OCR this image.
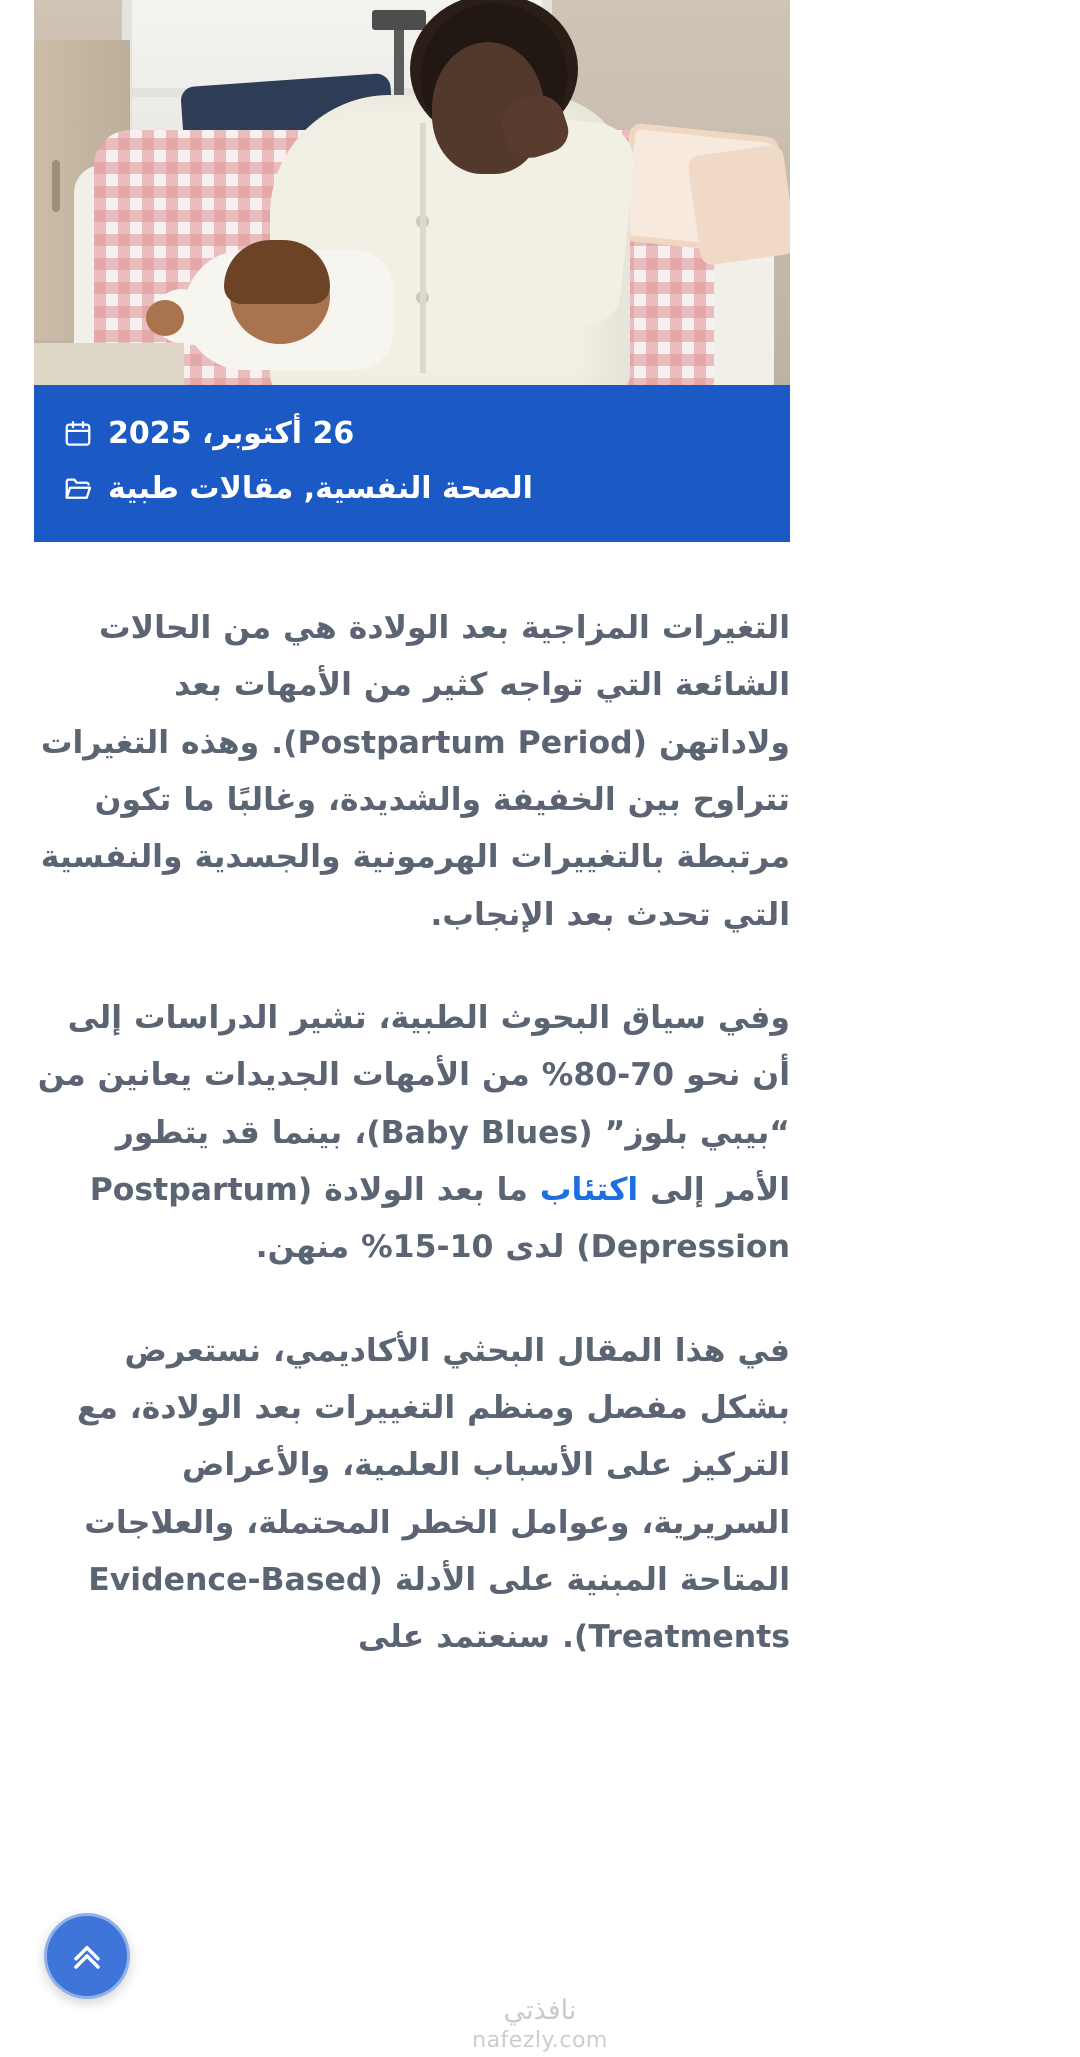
26 أكتوبر، 2025
الصحة النفسية, مقالات طبية

التغيرات المزاجية بعد الولادة هي من الحالات الشائعة التي تواجه كثير من الأمهات بعد ولاداتهن (Postpartum Period). وهذه التغيرات تتراوح بين الخفيفة والشديدة، وغالبًا ما تكون مرتبطة بالتغييرات الهرمونية والجسدية والنفسية التي تحدث بعد الإنجاب.

وفي سياق البحوث الطبية، تشير الدراسات إلى أن نحو 70-80% من الأمهات الجديدات يعانين من “بيبي بلوز” (Baby Blues)، بينما قد يتطور الأمر إلى اكتئاب ما بعد الولادة (Postpartum Depression) لدى 10-15% منهن.

في هذا المقال البحثي الأكاديمي، نستعرض بشكل مفصل ومنظم التغييرات بعد الولادة، مع التركيز على الأسباب العلمية، والأعراض السريرية، وعوامل الخطر المحتملة، والعلاجات المتاحة المبنية على الأدلة (Evidence-Based Treatments). سنعتمد على

نافذتي
nafezly.com
